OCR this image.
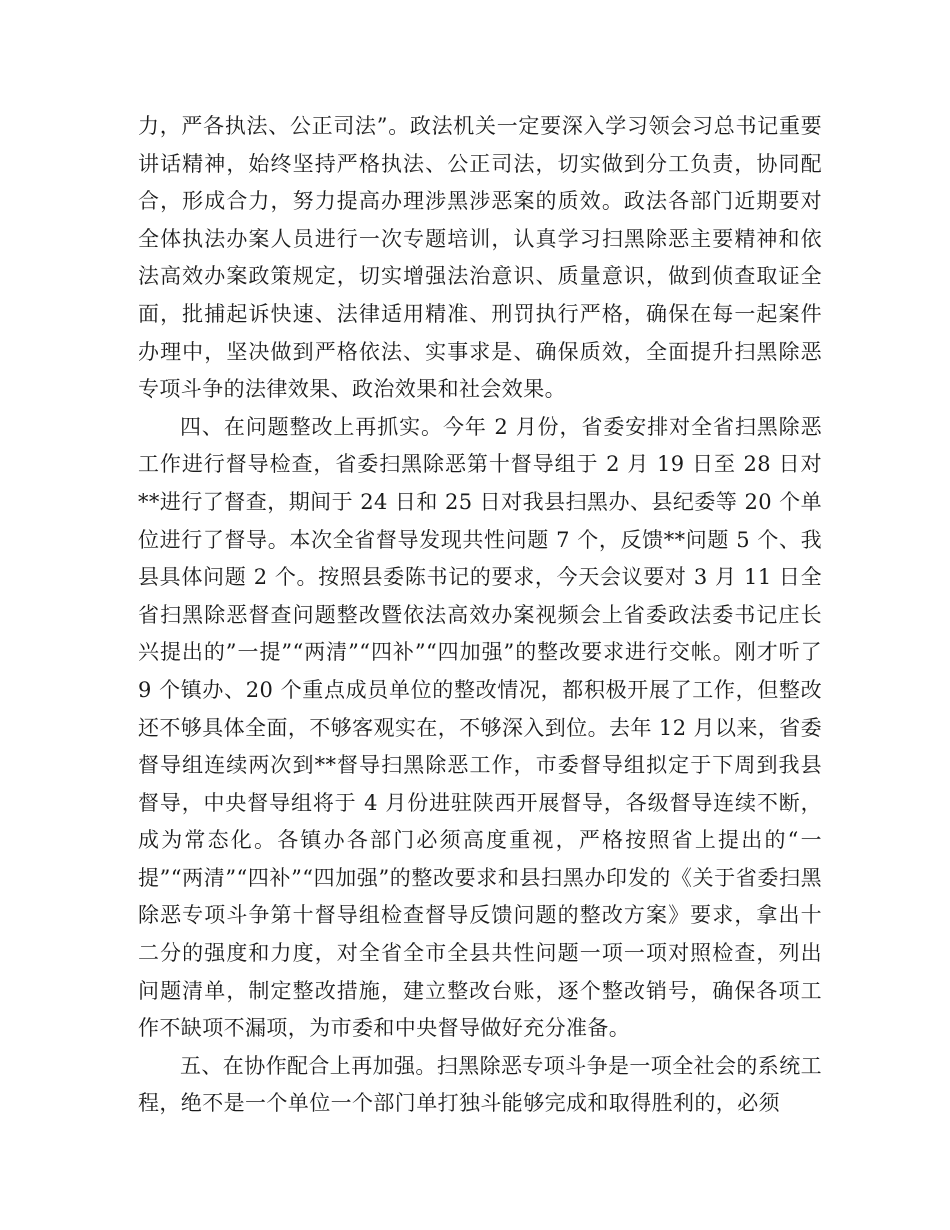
力，严各执法、公正司法”。政法机关一定要深入学习领会习总书记重要讲话精神，始终坚持严格执法、公正司法，切实做到分工负责，协同配合，形成合力，努力提高办理涉黑涉恶案的质效。政法各部门近期要对全体执法办案人员进行一次专题培训，认真学习扫黑除恶主要精神和依法高效办案政策规定，切实增强法治意识、质量意识，做到侦查取证全面，批捕起诉快速、法律适用精准、刑罚执行严格，确保在每一起案件办理中，坚决做到严格依法、实事求是、确保质效，全面提升扫黑除恶专项斗争的法律效果、政治效果和社会效果。

四、在问题整改上再抓实。今年 2 月份，省委安排对全省扫黑除恶工作进行督导检查，省委扫黑除恶第十督导组于 2 月 19 日至 28 日对**进行了督查，期间于 24 日和 25 日对我县扫黑办、县纪委等 20 个单位进行了督导。本次全省督导发现共性问题 7 个，反馈**问题 5 个、我县具体问题 2 个。按照县委陈书记的要求，今天会议要对 3 月 11 日全省扫黑除恶督查问题整改暨依法高效办案视频会上省委政法委书记庄长兴提出的”一提”“两清”“四补”“四加强”的整改要求进行交帐。刚才听了 9 个镇办、20 个重点成员单位的整改情况，都积极开展了工作，但整改还不够具体全面，不够客观实在，不够深入到位。去年 12 月以来，省委督导组连续两次到**督导扫黑除恶工作，市委督导组拟定于下周到我县督导，中央督导组将于 4 月份进驻陕西开展督导，各级督导连续不断，成为常态化。各镇办各部门必须高度重视，严格按照省上提出的“一提”“两清”“四补”“四加强”的整改要求和县扫黑办印发的《关于省委扫黑除恶专项斗争第十督导组检查督导反馈问题的整改方案》要求，拿出十二分的强度和力度，对全省全市全县共性问题一项一项对照检查，列出问题清单，制定整改措施，建立整改台账，逐个整改销号，确保各项工作不缺项不漏项，为市委和中央督导做好充分准备。

五、在协作配合上再加强。扫黑除恶专项斗争是一项全社会的系统工程，绝不是一个单位一个部门单打独斗能够完成和取得胜利的，必须
